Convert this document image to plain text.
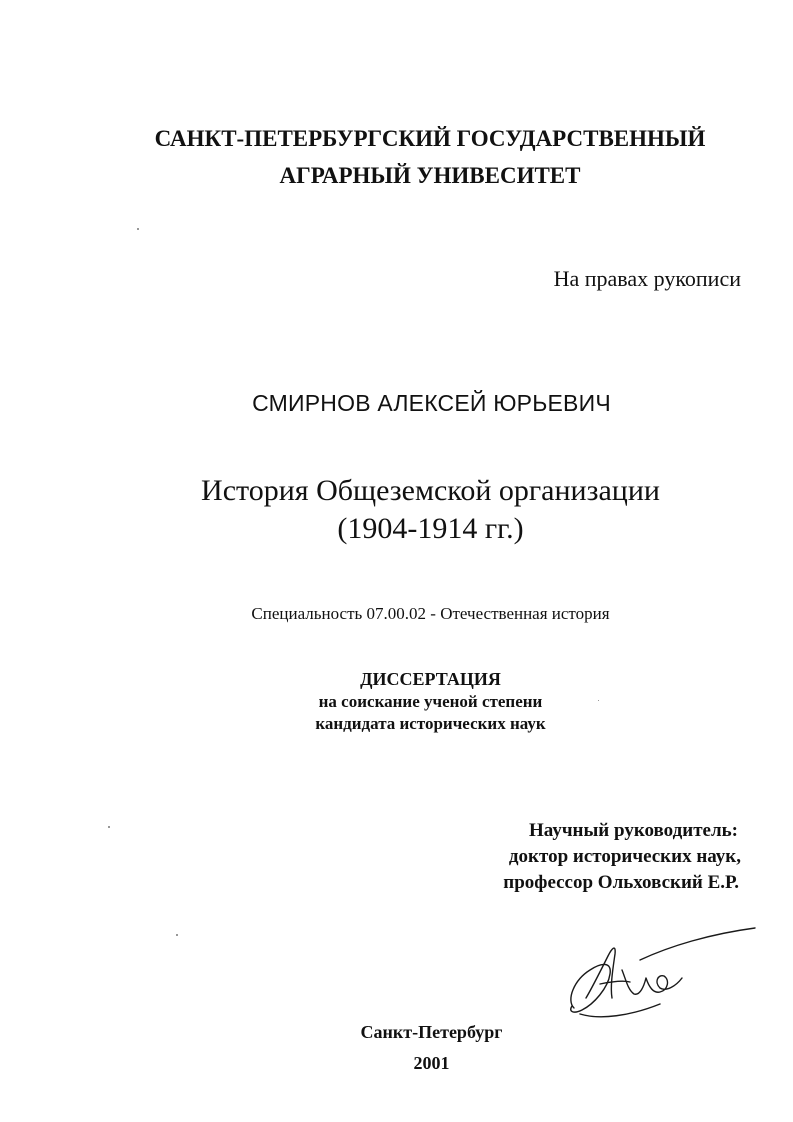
САНКТ-ПЕТЕРБУРГСКИЙ ГОСУДАРСТВЕННЫЙ
АГРАРНЫЙ УНИВЕСИТЕТ
На правах рукописи
СМИРНОВ АЛЕКСЕЙ ЮРЬЕВИЧ
История Общеземской организации
(1904-1914 гг.)
Специальность 07.00.02 - Отечественная история
ДИССЕРТАЦИЯ
на соискание ученой степени
кандидата исторических наук
Научный руководитель:
доктор исторических наук,
профессор Ольховский Е.Р.
Санкт-Петербург
2001
